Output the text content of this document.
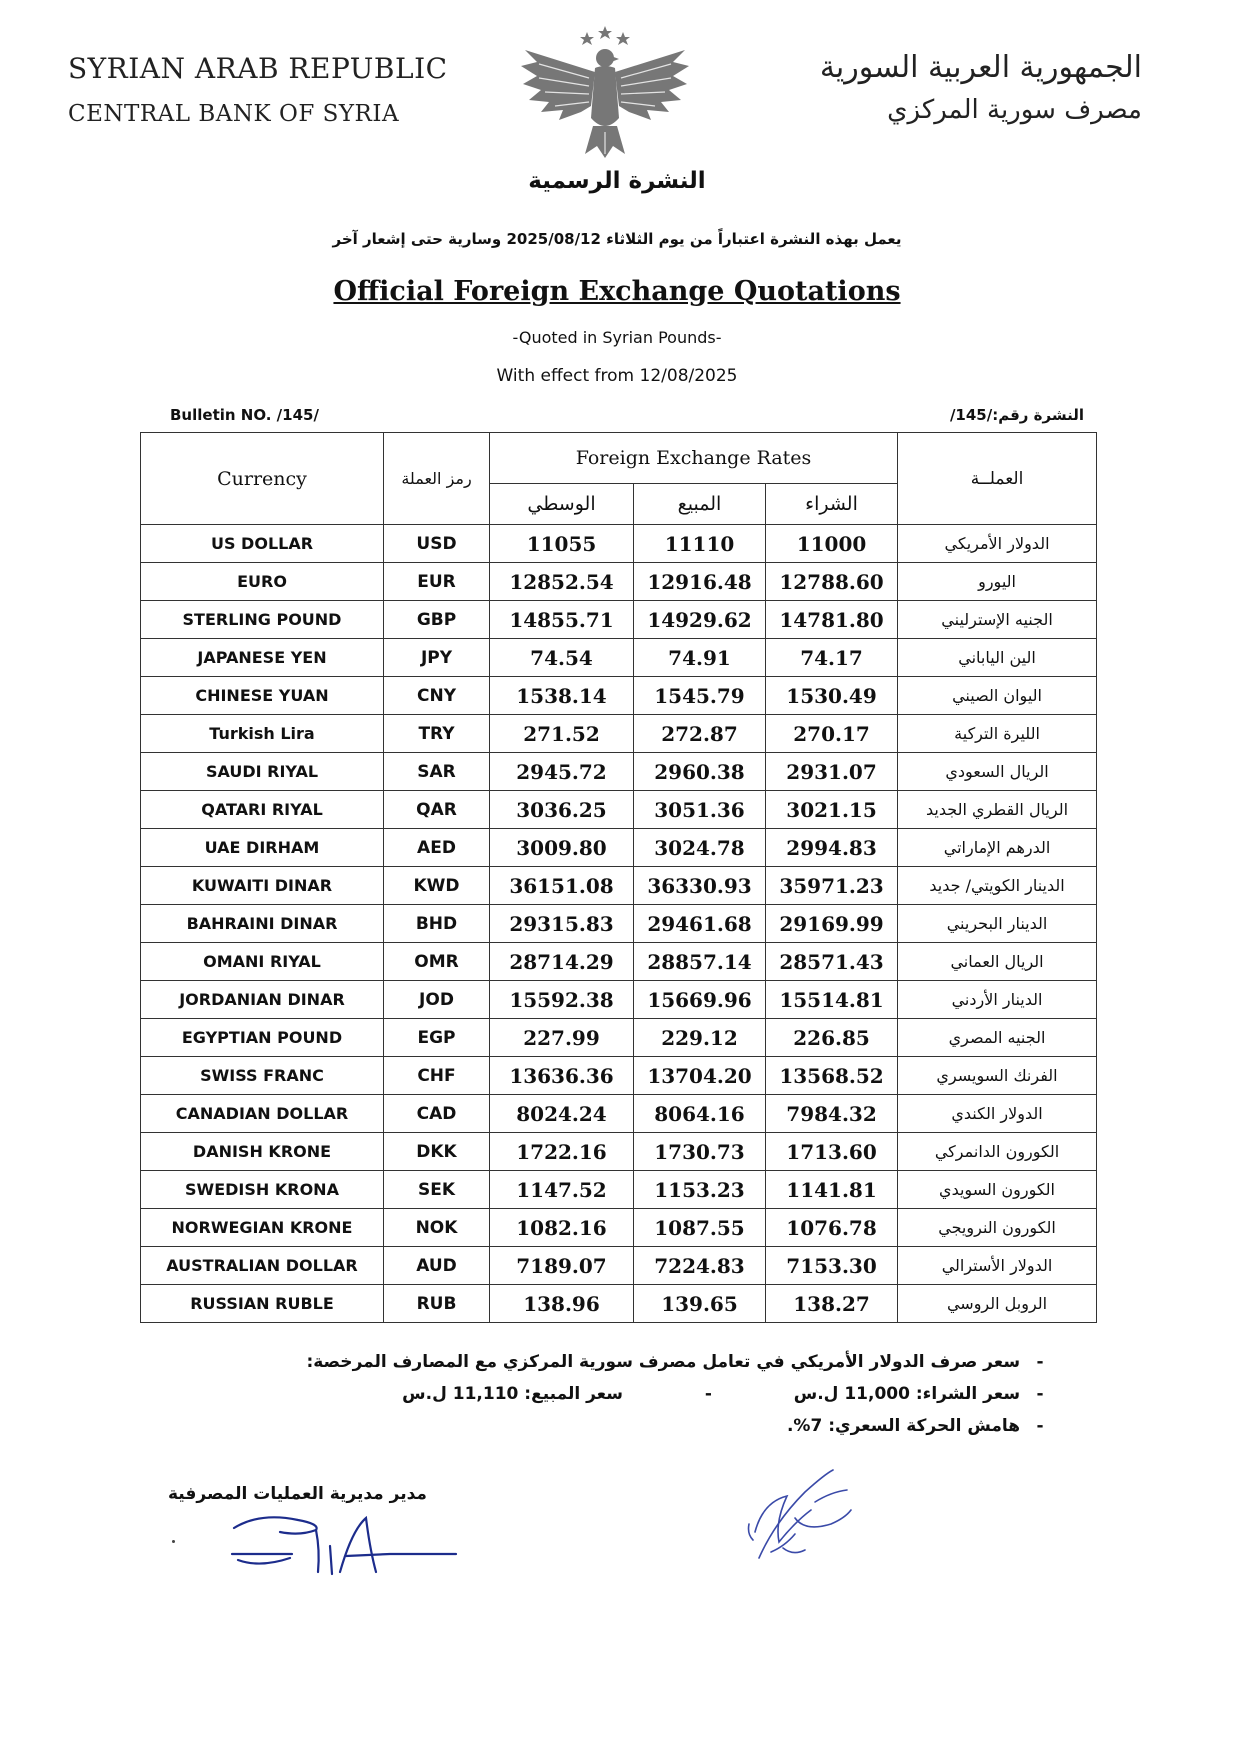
SYRIAN ARAB REPUBLIC
CENTRAL BANK OF SYRIA
الجمهورية العربية السورية
مصرف سورية المركزي
النشرة الرسمية
يعمل بهذه النشرة اعتباراً من يوم الثلاثاء 2025/08/12 وسارية حتى إشعار آخر
Official Foreign Exchange Quotations
-Quoted in Syrian Pounds-
With effect from 12/08/2025
Bulletin NO. /145/	النشرة رقم:/145/
Currency	رمز العملة	Foreign Exchange Rates			العملــة
		الوسطي	المبيع	الشراء	
US DOLLAR	USD	11055	11110	11000	الدولار الأمريكي
EURO	EUR	12852.54	12916.48	12788.60	اليورو
STERLING POUND	GBP	14855.71	14929.62	14781.80	الجنيه الإسترليني
JAPANESE YEN	JPY	74.54	74.91	74.17	الين الياباني
CHINESE YUAN	CNY	1538.14	1545.79	1530.49	اليوان الصيني
Turkish Lira	TRY	271.52	272.87	270.17	الليرة التركية
SAUDI RIYAL	SAR	2945.72	2960.38	2931.07	الريال السعودي
QATARI RIYAL	QAR	3036.25	3051.36	3021.15	الريال القطري الجديد
UAE DIRHAM	AED	3009.80	3024.78	2994.83	الدرهم الإماراتي
KUWAITI DINAR	KWD	36151.08	36330.93	35971.23	الدينار الكويتي/ جديد
BAHRAINI DINAR	BHD	29315.83	29461.68	29169.99	الدينار البحريني
OMANI RIYAL	OMR	28714.29	28857.14	28571.43	الريال العماني
JORDANIAN DINAR	JOD	15592.38	15669.96	15514.81	الدينار الأردني
EGYPTIAN POUND	EGP	227.99	229.12	226.85	الجنيه المصري
SWISS FRANC	CHF	13636.36	13704.20	13568.52	الفرنك السويسري
CANADIAN DOLLAR	CAD	8024.24	8064.16	7984.32	الدولار الكندي
DANISH KRONE	DKK	1722.16	1730.73	1713.60	الكورون الدانمركي
SWEDISH KRONA	SEK	1147.52	1153.23	1141.81	الكورون السويدي
NORWEGIAN KRONE	NOK	1082.16	1087.55	1076.78	الكورون النرويجي
AUSTRALIAN DOLLAR	AUD	7189.07	7224.83	7153.30	الدولار الأسترالي
RUSSIAN RUBLE	RUB	138.96	139.65	138.27	الروبل الروسي
- سعر صرف الدولار الأمريكي في تعامل مصرف سورية المركزي مع المصارف المرخصة:
- سعر الشراء: 11,000 ل.س  -  سعر المبيع: 11,110 ل.س
- هامش الحركة السعري: 7%.
مدير مديرية العمليات المصرفية
